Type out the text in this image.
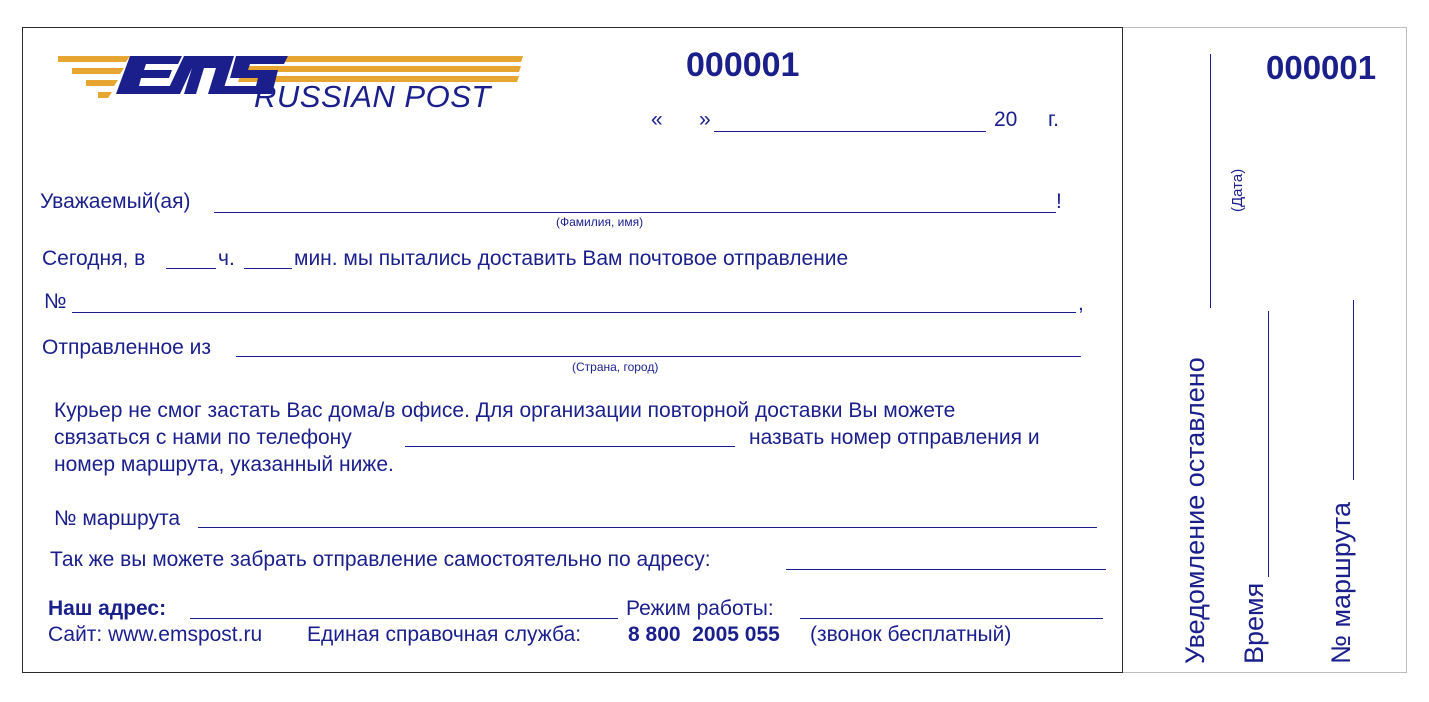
RUSSIAN POST
000001
« »	20 г.
Уважаемый(ая)	!
(Фамилия, имя)
Сегодня, в	ч.	мин. мы пытались доставить Вам почтовое отправление
№	,
Отправленное из
(Страна, город)
Курьер не смог застать Вас дома/в офисе. Для организации повторной доставки Вы можете
связаться с нами по телефону	назвать номер отправления и
номер маршрута, указанный ниже.
№ маршрута
Так же вы можете забрать отправление самостоятельно по адресу:
Наш адрес:	Режим работы:
Сайт: www.emspost.ru Единая справочная служба: 8 800  2005 055 (звонок бесплатный)
000001
Уведомление оставлено
(Дата)
Время № маршрута
